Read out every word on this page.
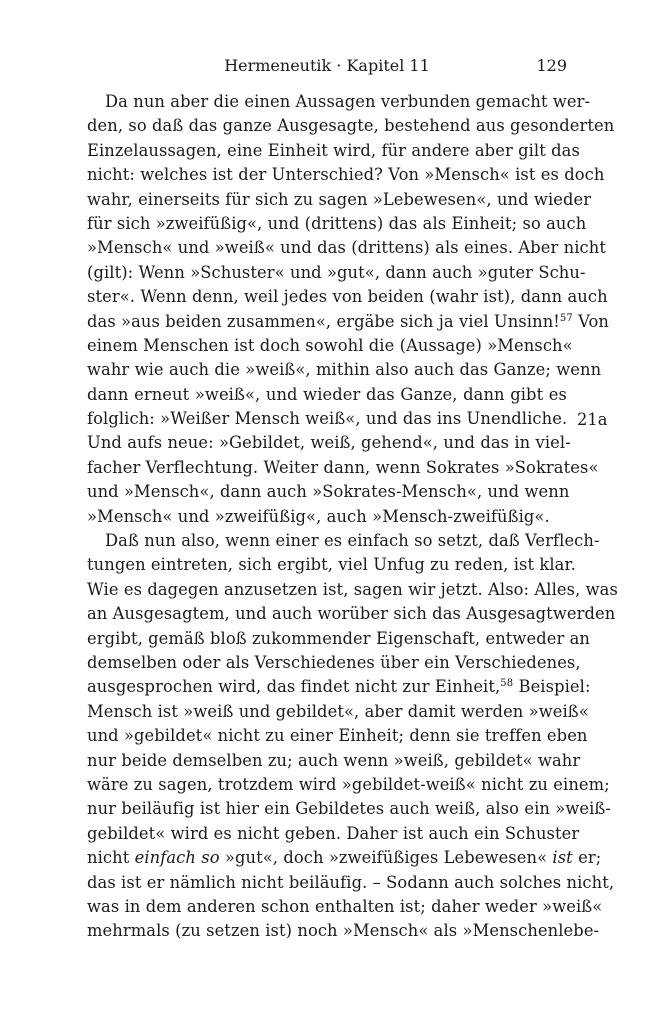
Hermeneutik · Kapitel 11	129
21a
Da nun aber die einen Aussagen verbunden gemacht wer-
den, so daß das ganze Ausgesagte, bestehend aus gesonderten
Einzelaussagen, eine Einheit wird, für andere aber gilt das
nicht: welches ist der Unterschied? Von »Mensch« ist es doch
wahr, einerseits für sich zu sagen »Lebewesen«, und wieder
für sich »zweifüßig«, und (drittens) das als Einheit; so auch
»Mensch« und »weiß« und das (drittens) als eines. Aber nicht
(gilt): Wenn »Schuster« und »gut«, dann auch »guter Schu-
ster«. Wenn denn, weil jedes von beiden (wahr ist), dann auch
das »aus beiden zusammen«, ergäbe sich ja viel Unsinn!$^{57}$ Von
einem Menschen ist doch sowohl die (Aussage) »Mensch«
wahr wie auch die »weiß«, mithin also auch das Ganze; wenn
dann erneut »weiß«, und wieder das Ganze, dann gibt es
folglich: »Weißer Mensch weiß«, und das ins Unendliche.
Und aufs neue: »Gebildet, weiß, gehend«, und das in viel-
facher Verflechtung. Weiter dann, wenn Sokrates »Sokrates«
und »Mensch«, dann auch »Sokrates-Mensch«, und wenn
»Mensch« und »zweifüßig«, auch »Mensch-zweifüßig«.
Daß nun also, wenn einer es einfach so setzt, daß Verflech-
tungen eintreten, sich ergibt, viel Unfug zu reden, ist klar.
Wie es dagegen anzusetzen ist, sagen wir jetzt. Also: Alles, was
an Ausgesagtem, und auch worüber sich das Ausgesagtwerden
ergibt, gemäß bloß zukommender Eigenschaft, entweder an
demselben oder als Verschiedenes über ein Verschiedenes,
ausgesprochen wird, das findet nicht zur Einheit,$^{58}$ Beispiel:
Mensch ist »weiß und gebildet«, aber damit werden »weiß«
und »gebildet« nicht zu einer Einheit; denn sie treffen eben
nur beide demselben zu; auch wenn »weiß, gebildet« wahr
wäre zu sagen, trotzdem wird »gebildet-weiß« nicht zu einem;
nur beiläufig ist hier ein Gebildetes auch weiß, also ein »weiß-
gebildet« wird es nicht geben. Daher ist auch ein Schuster
nicht einfach so »gut«, doch »zweifüßiges Lebewesen« ist er;
das ist er nämlich nicht beiläufig. – Sodann auch solches nicht,
was in dem anderen schon enthalten ist; daher weder »weiß«
mehrmals (zu setzen ist) noch »Mensch« als »Menschenlebe-
